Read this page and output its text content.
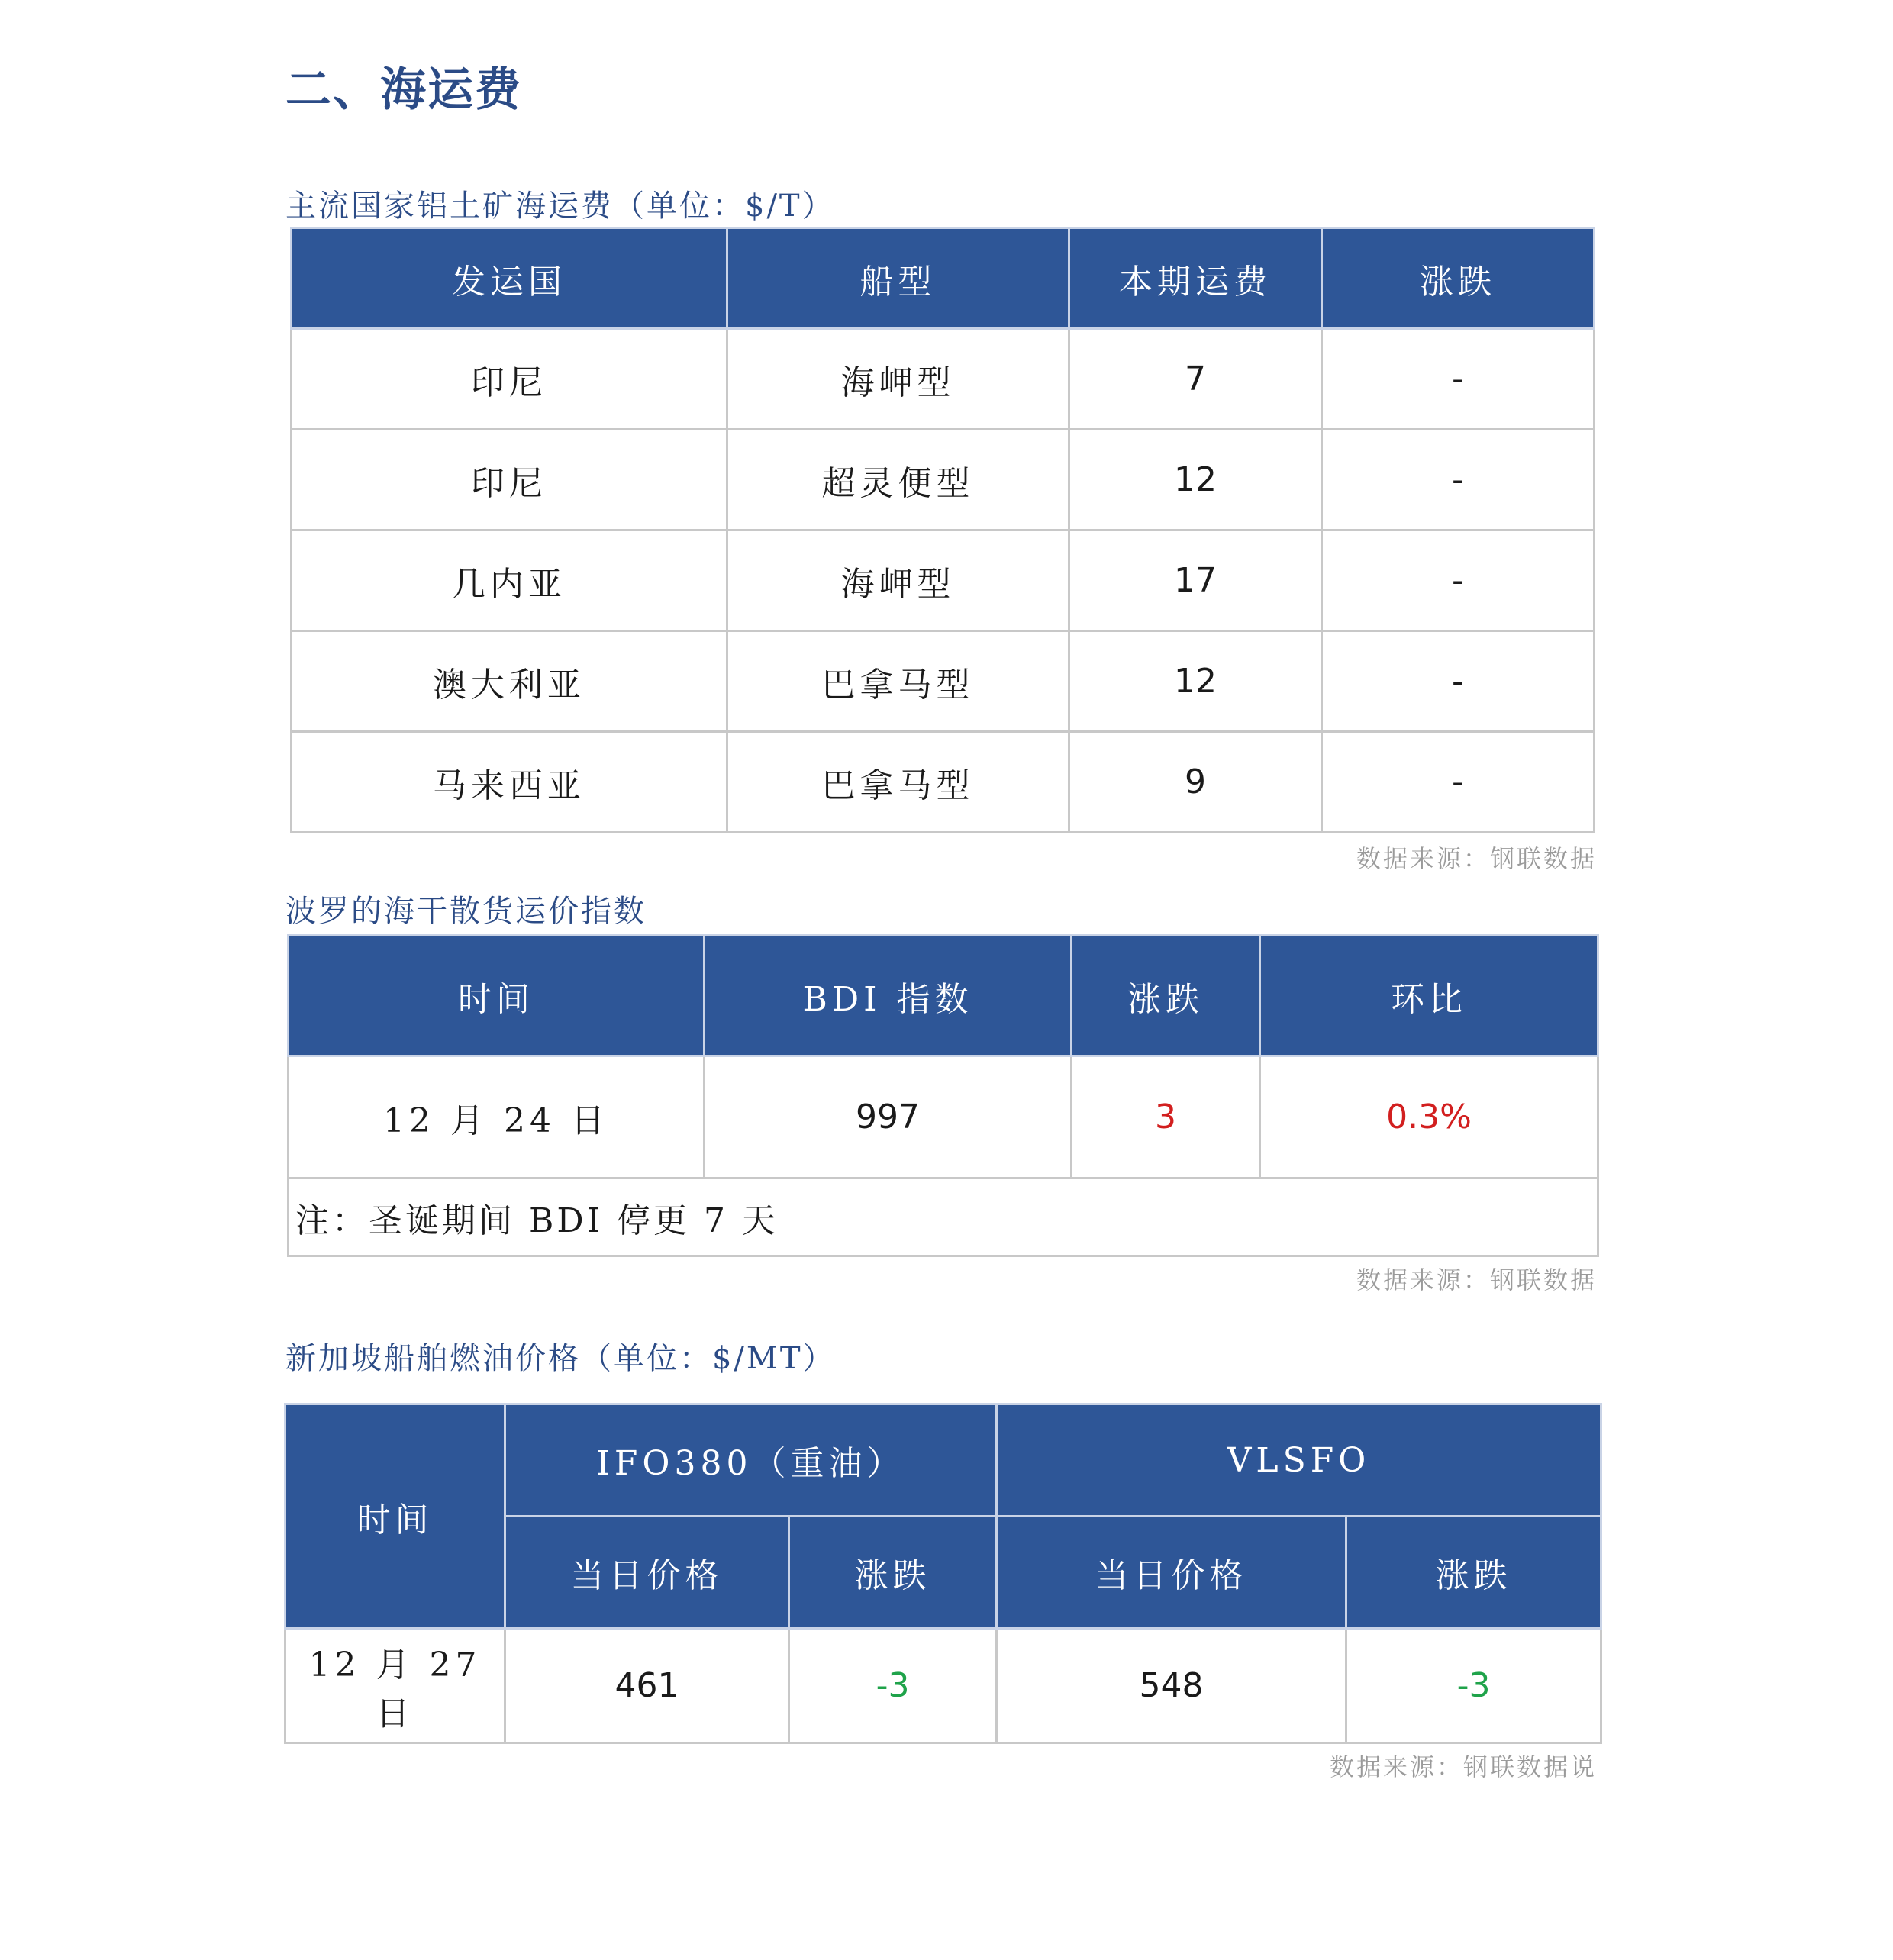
二、海运费
主流国家铝土矿海运费（单位：$/T）
发运国	船型	本期运费	涨跌
印尼	海岬型	7	-
印尼	超灵便型	12	-
几内亚	海岬型	17	-
澳大利亚	巴拿马型	12	-
马来西亚	巴拿马型	9	-
数据来源：钢联数据
波罗的海干散货运价指数
时间	BDI 指数	涨跌	环比
12 月 24 日	997	3	0.3%
注：圣诞期间 BDI 停更 7 天			
数据来源：钢联数据
新加坡船舶燃油价格（单位：$/MT）
时间	IFO380（重油）		VLSFO	
	当日价格	涨跌	当日价格	涨跌
12 月 27 日	461	-3	548	-3
数据来源：钢联数据说
